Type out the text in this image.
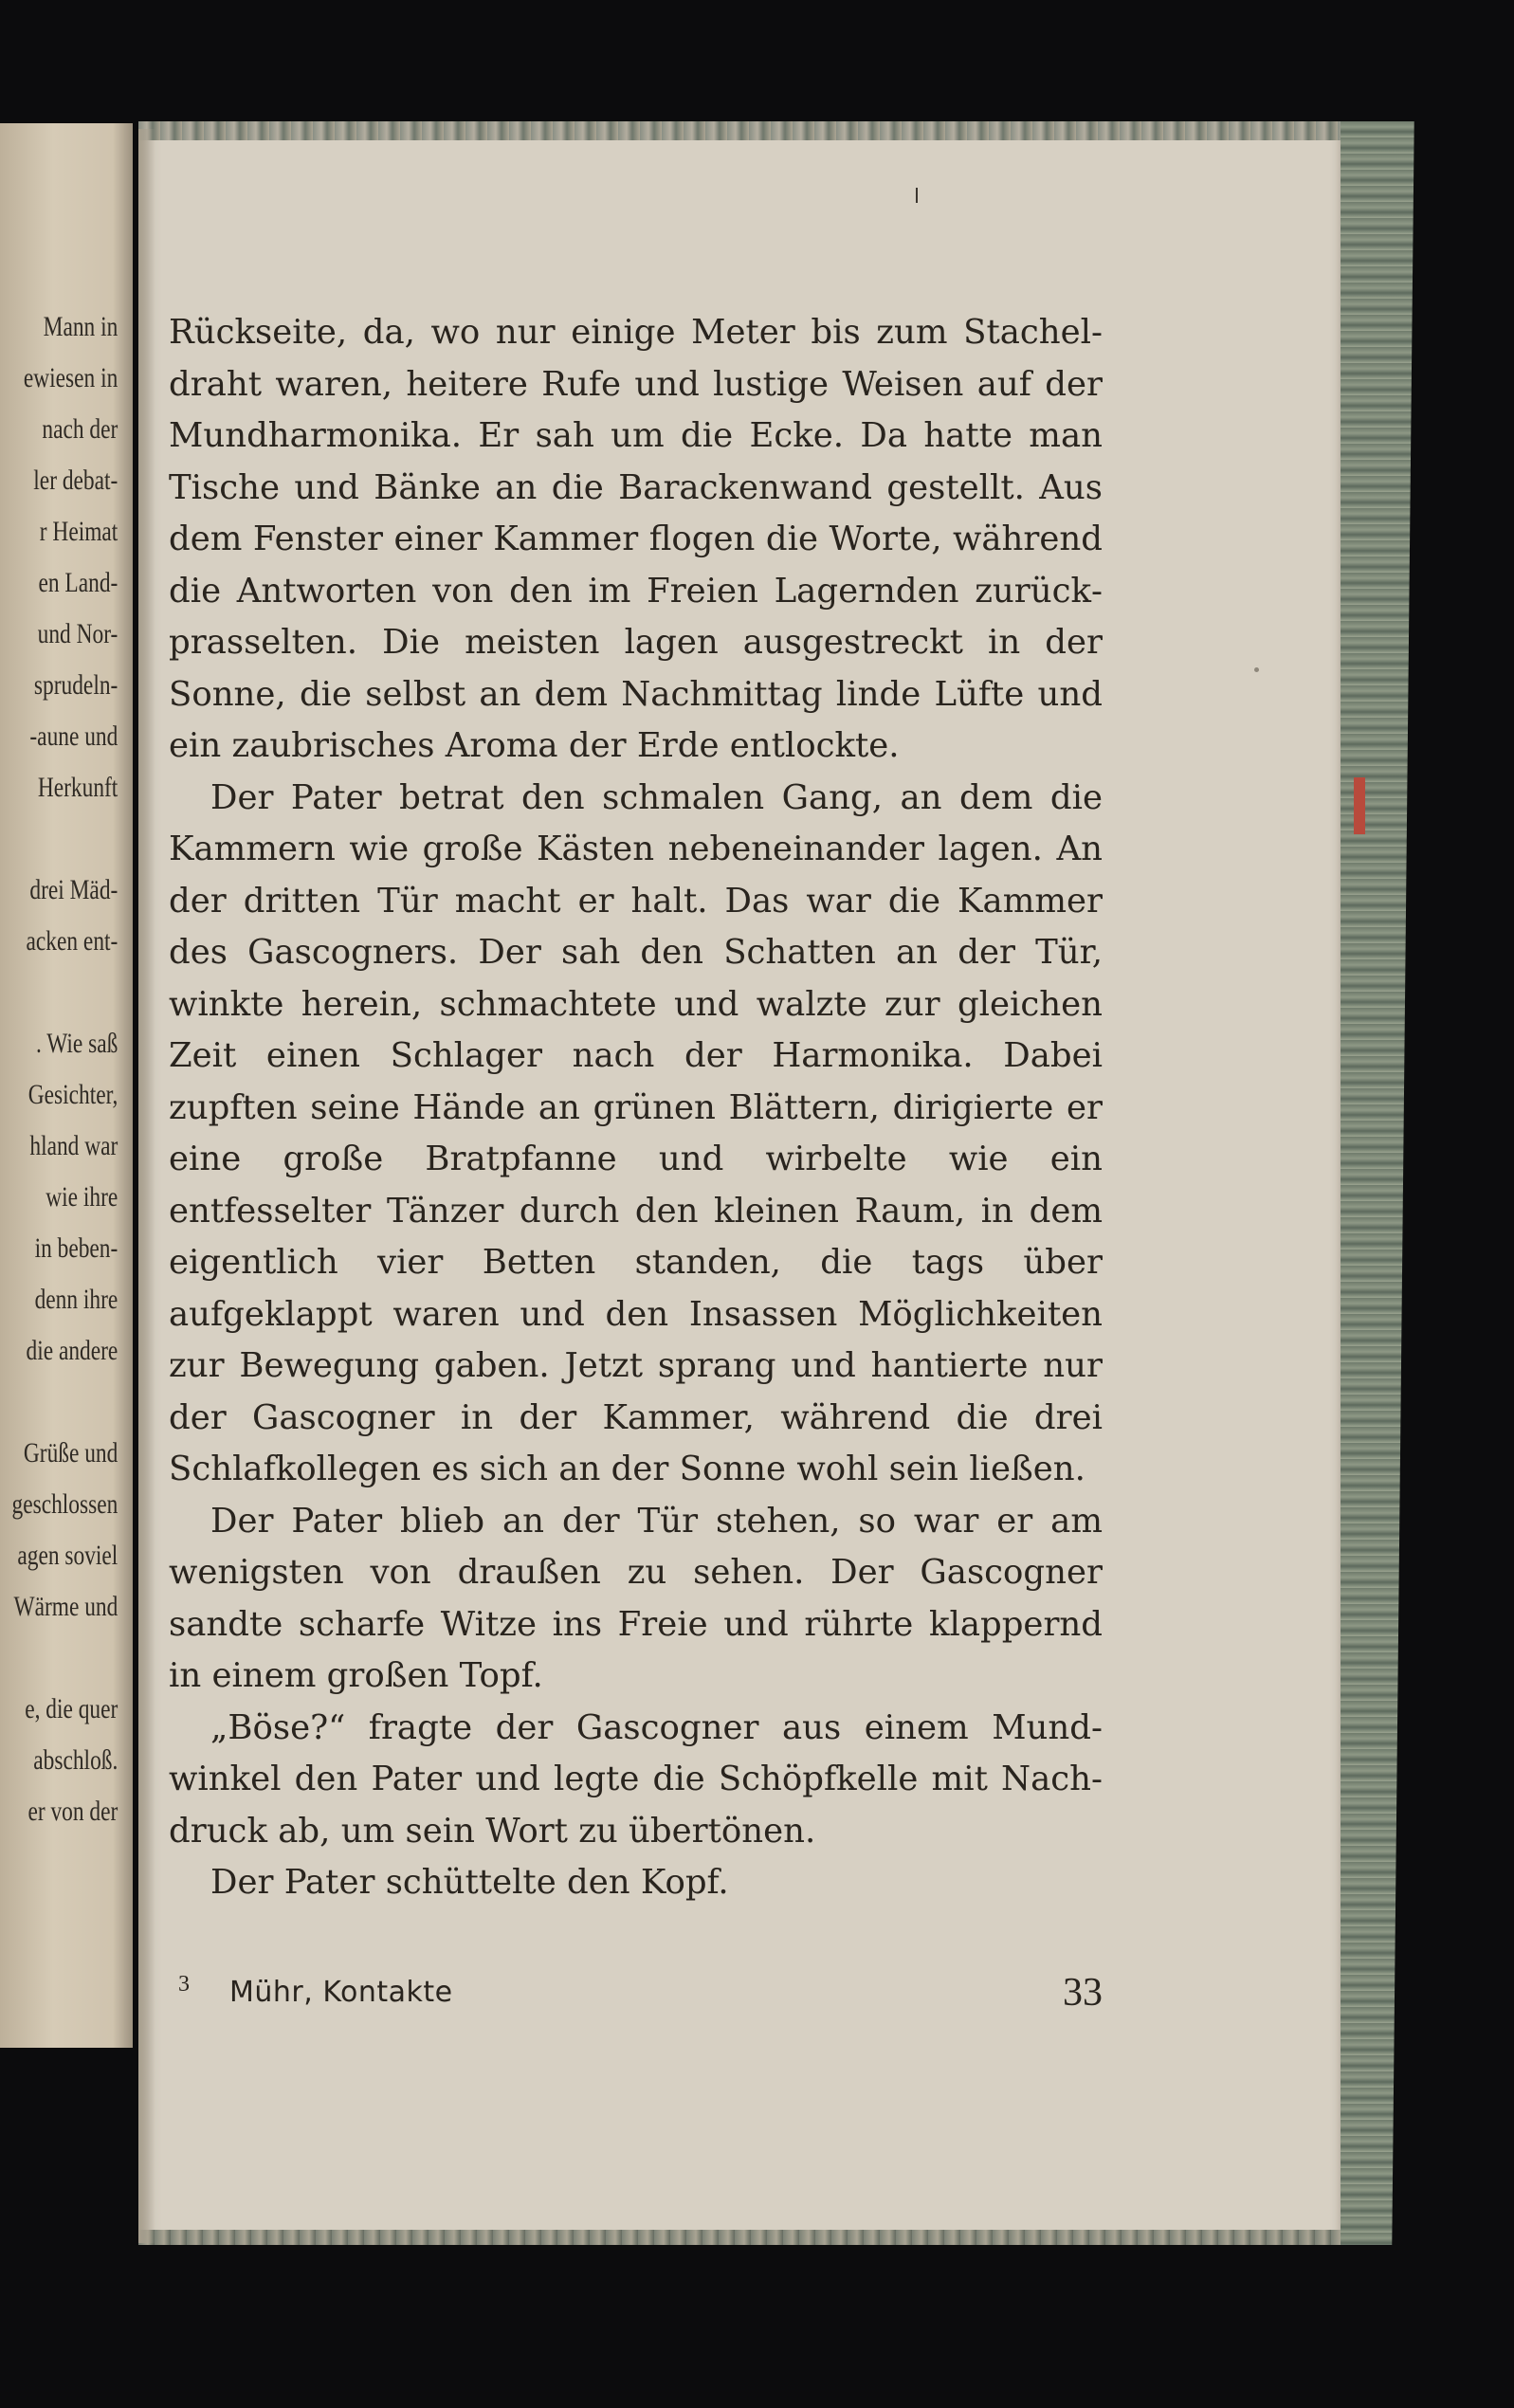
Mann in
ewiesen in
nach der
ler debat-
r Heimat
en Land-
und Nor-
sprudeln-
-aune und
Herkunft
drei Mäd-
acken ent-
. Wie saß
Gesichter,
hland war
wie ihre
in beben-
denn ihre
die andere
Grüße und
geschlossen
agen soviel
Wärme und
e, die quer
abschloß.
er von der

Rückseite, da, wo nur einige Meter bis zum Stacheldraht waren, heitere Rufe und lustige Weisen auf der Mundharmonika. Er sah um die Ecke. Da hatte man Tische und Bänke an die Barackenwand gestellt. Aus dem Fenster einer Kammer flogen die Worte, während die Antworten von den im Freien Lagernden zurückprasselten. Die meisten lagen ausgestreckt in der Sonne, die selbst an dem Nachmittag linde Lüfte und ein zaubrisches Aroma der Erde entlockte.

Der Pater betrat den schmalen Gang, an dem die Kammern wie große Kästen nebeneinander lagen. An der dritten Tür macht er halt. Das war die Kammer des Gascogners. Der sah den Schatten an der Tür, winkte herein, schmachtete und walzte zur gleichen Zeit einen Schlager nach der Harmonika. Dabei zupften seine Hände an grünen Blättern, dirigierte er eine große Bratpfanne und wirbelte wie ein entfesselter Tänzer durch den kleinen Raum, in dem eigentlich vier Betten standen, die tags über aufgeklappt waren und den Insassen Möglichkeiten zur Bewegung gaben. Jetzt sprang und hantierte nur der Gascogner in der Kammer, während die drei Schlafkollegen es sich an der Sonne wohl sein ließen.

Der Pater blieb an der Tür stehen, so war er am wenigsten von draußen zu sehen. Der Gascogner sandte scharfe Witze ins Freie und rührte klappernd in einem großen Topf.

„Böse?“ fragte der Gascogner aus einem Mundwinkel den Pater und legte die Schöpfkelle mit Nachdruck ab, um sein Wort zu übertönen.

Der Pater schüttelte den Kopf.

3 Mühr, Kontakte	33
